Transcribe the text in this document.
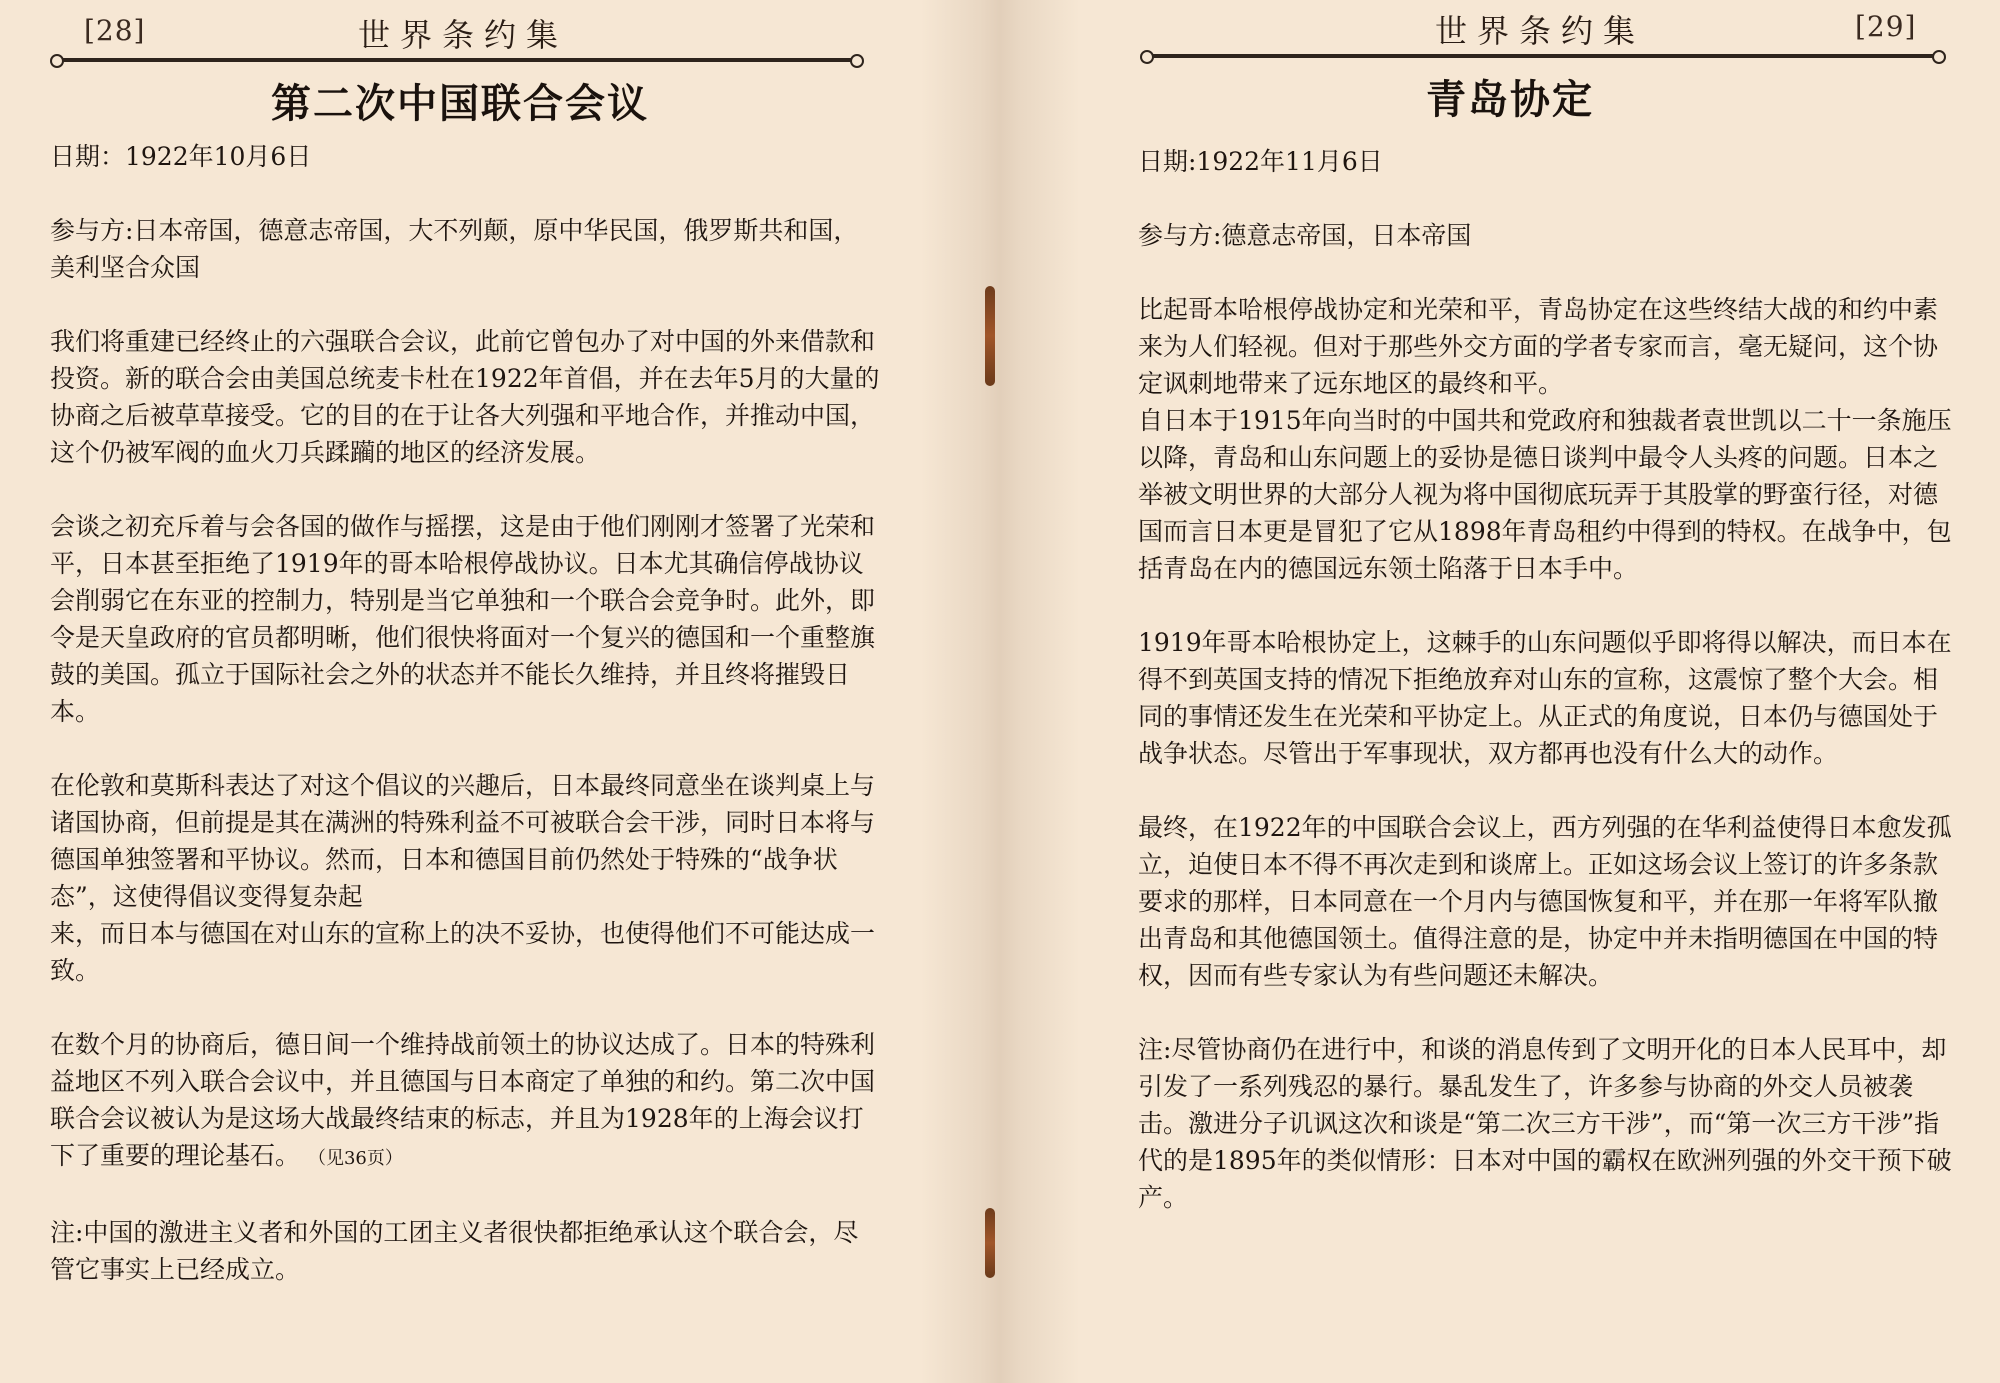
[28]	世界条约集
第二次中国联合会议

日期：1922年10月6日

参与方:日本帝国，德意志帝国，大不列颠，原中华民国，俄罗斯共和国，美利坚合众国

我们将重建已经终止的六强联合会议，此前它曾包办了对中国的外来借款和投资。新的联合会由美国总统麦卡杜在1922年首倡，并在去年5月的大量的协商之后被草草接受。它的目的在于让各大列强和平地合作，并推动中国，这个仍被军阀的血火刀兵蹂躏的地区的经济发展。

会谈之初充斥着与会各国的做作与摇摆，这是由于他们刚刚才签署了光荣和平，日本甚至拒绝了1919年的哥本哈根停战协议。日本尤其确信停战协议会削弱它在东亚的控制力，特别是当它单独和一个联合会竞争时。此外，即令是天皇政府的官员都明晰，他们很快将面对一个复兴的德国和一个重整旗鼓的美国。孤立于国际社会之外的状态并不能长久维持，并且终将摧毁日本。

在伦敦和莫斯科表达了对这个倡议的兴趣后，日本最终同意坐在谈判桌上与诸国协商，但前提是其在满洲的特殊利益不可被联合会干涉，同时日本将与德国单独签署和平协议。然而，日本和德国目前仍然处于特殊的“战争状态”，这使得倡议变得复杂起

来，而日本与德国在对山东的宣称上的决不妥协，也使得他们不可能达成一致。

在数个月的协商后，德日间一个维持战前领土的协议达成了。日本的特殊利益地区不列入联合会议中，并且德国与日本商定了单独的和约。第二次中国联合会议被认为是这场大战最终结束的标志，并且为1928年的上海会议打下了重要的理论基石。 （见36页）

注:中国的激进主义者和外国的工团主义者很快都拒绝承认这个联合会，尽管它事实上已经成立。

世界条约集	[29]
青岛协定

日期:1922年11月6日

参与方:德意志帝国，日本帝国

比起哥本哈根停战协定和光荣和平，青岛协定在这些终结大战的和约中素来为人们轻视。但对于那些外交方面的学者专家而言，毫无疑问，这个协定讽刺地带来了远东地区的最终和平。

自日本于1915年向当时的中国共和党政府和独裁者袁世凯以二十一条施压以降，青岛和山东问题上的妥协是德日谈判中最令人头疼的问题。日本之举被文明世界的大部分人视为将中国彻底玩弄于其股掌的野蛮行径，对德国而言日本更是冒犯了它从1898年青岛租约中得到的特权。在战争中，包括青岛在内的德国远东领土陷落于日本手中。

1919年哥本哈根协定上，这棘手的山东问题似乎即将得以解决，而日本在得不到英国支持的情况下拒绝放弃对山东的宣称，这震惊了整个大会。相同的事情还发生在光荣和平协定上。从正式的角度说，日本仍与德国处于战争状态。尽管出于军事现状，双方都再也没有什么大的动作。

最终，在1922年的中国联合会议上，西方列强的在华利益使得日本愈发孤立，迫使日本不得不再次走到和谈席上。正如这场会议上签订的许多条款要求的那样，日本同意在一个月内与德国恢复和平，并在那一年将军队撤出青岛和其他德国领土。值得注意的是，协定中并未指明德国在中国的特权，因而有些专家认为有些问题还未解决。

注:尽管协商仍在进行中，和谈的消息传到了文明开化的日本人民耳中，却引发了一系列残忍的暴行。暴乱发生了，许多参与协商的外交人员被袭击。激进分子讥讽这次和谈是“第二次三方干涉”，而“第一次三方干涉”指代的是1895年的类似情形：日本对中国的霸权在欧洲列强的外交干预下破产。
